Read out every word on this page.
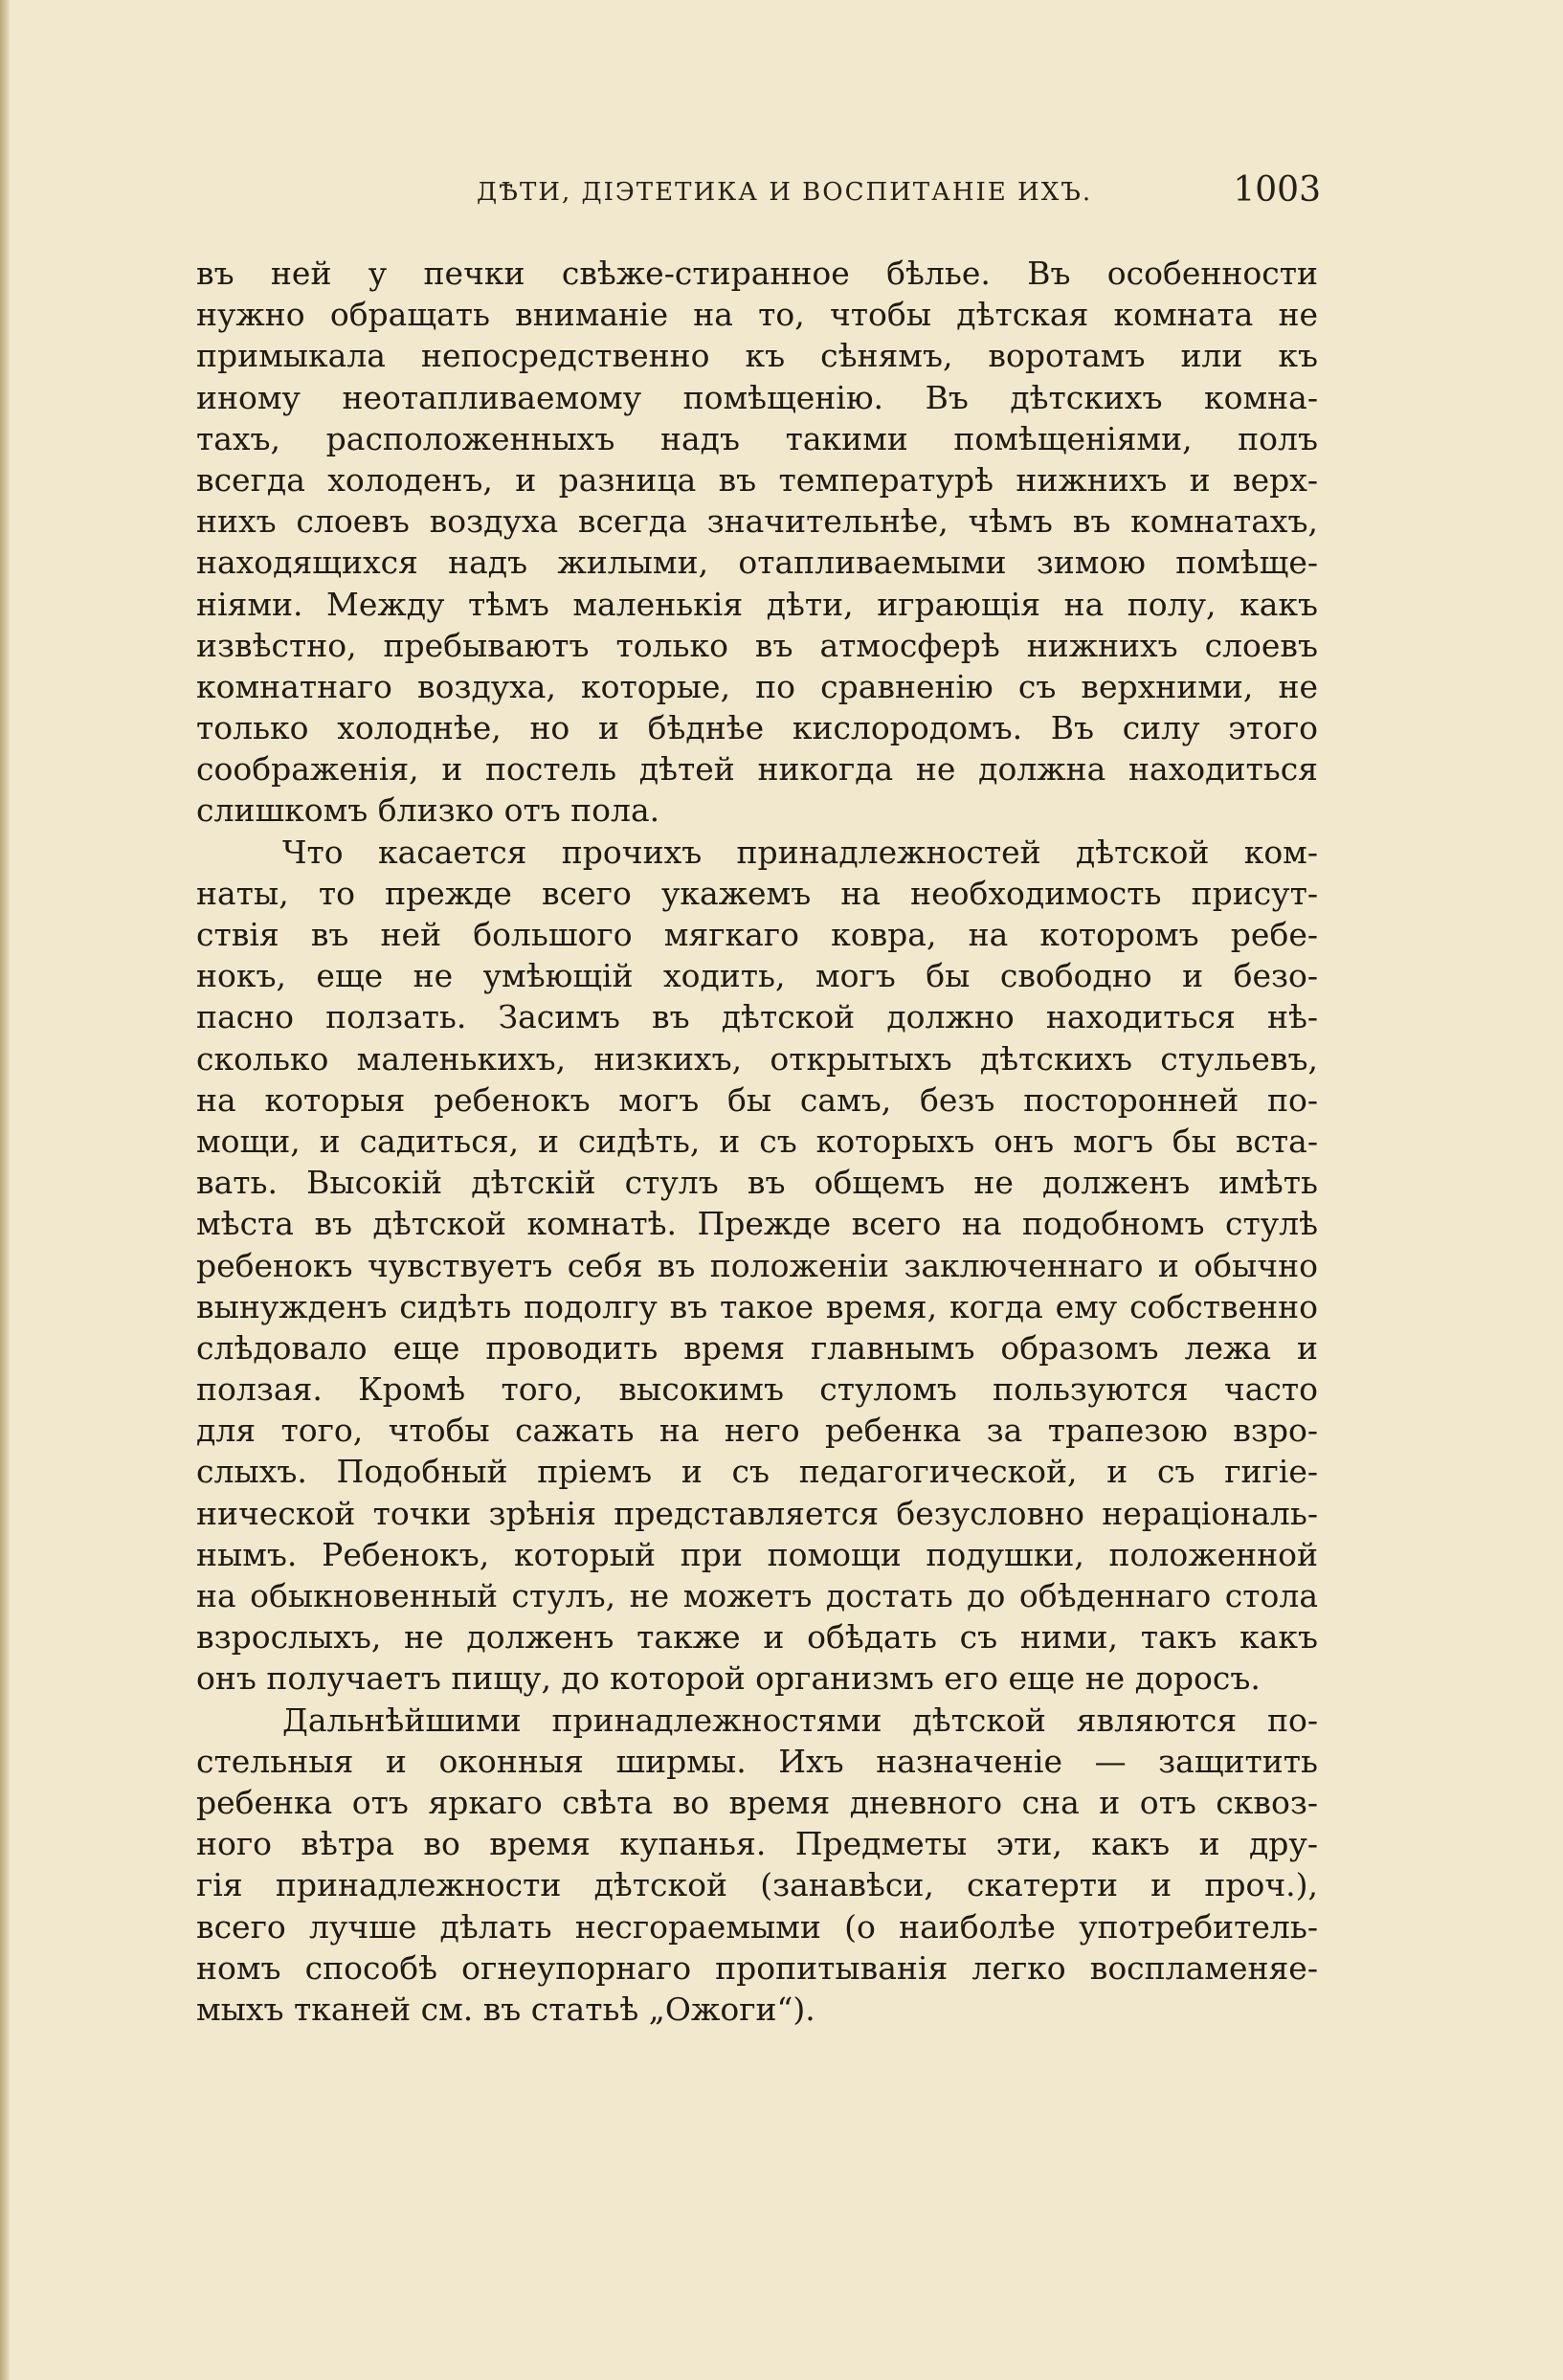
ДѢТИ, ДІЭТЕТИКА И ВОСПИТАНІЕ ИХЪ.	1003
въ ней у печки свѣже-стиранное бѣлье. Въ особенности
нужно обращать вниманіе на то, чтобы дѣтская комната не
примыкала непосредственно къ сѣнямъ, воротамъ или къ
иному неотапливаемому помѣщенію. Въ дѣтскихъ комна-
тахъ, расположенныхъ надъ такими помѣщеніями, полъ
всегда холоденъ, и разница въ температурѣ нижнихъ и верх-
нихъ слоевъ воздуха всегда значительнѣе, чѣмъ въ комнатахъ,
находящихся надъ жилыми, отапливаемыми зимою помѣще-
ніями. Между тѣмъ маленькія дѣти, играющія на полу, какъ
извѣстно, пребываютъ только въ атмосферѣ нижнихъ слоевъ
комнатнаго воздуха, которые, по сравненію съ верхними, не
только холоднѣе, но и бѣднѣе кислородомъ. Въ силу этого
соображенія, и постель дѣтей никогда не должна находиться
слишкомъ близко отъ пола.
Что касается прочихъ принадлежностей дѣтской ком-
наты, то прежде всего укажемъ на необходимость присут-
ствія въ ней большого мягкаго ковра, на которомъ ребе-
нокъ, еще не умѣющій ходить, могъ бы свободно и безо-
пасно ползать. Засимъ въ дѣтской должно находиться нѣ-
сколько маленькихъ, низкихъ, открытыхъ дѣтскихъ стульевъ,
на которыя ребенокъ могъ бы самъ, безъ посторонней по-
мощи, и садиться, и сидѣть, и съ которыхъ онъ могъ бы вста-
вать. Высокій дѣтскій стулъ въ общемъ не долженъ имѣть
мѣста въ дѣтской комнатѣ. Прежде всего на подобномъ стулѣ
ребенокъ чувствуетъ себя въ положеніи заключеннаго и обычно
вынужденъ сидѣть подолгу въ такое время, когда ему собственно
слѣдовало еще проводить время главнымъ образомъ лежа и
ползая. Кромѣ того, высокимъ стуломъ пользуются часто
для того, чтобы сажать на него ребенка за трапезою взро-
слыхъ. Подобный пріемъ и съ педагогической, и съ гигіе-
нической точки зрѣнія представляется безусловно нераціональ-
нымъ. Ребенокъ, который при помощи подушки, положенной
на обыкновенный стулъ, не можетъ достать до обѣденнаго стола
взрослыхъ, не долженъ также и обѣдать съ ними, такъ какъ
онъ получаетъ пищу, до которой организмъ его еще не доросъ.
Дальнѣйшими принадлежностями дѣтской являются по-
стельныя и оконныя ширмы. Ихъ назначеніе — защитить
ребенка отъ яркаго свѣта во время дневного сна и отъ сквоз-
ного вѣтра во время купанья. Предметы эти, какъ и дру-
гія принадлежности дѣтской (занавѣси, скатерти и проч.),
всего лучше дѣлать несгораемыми (о наиболѣе употребитель-
номъ способѣ огнеупорнаго пропитыванія легко воспламеняе-
мыхъ тканей см. въ статьѣ „Ожоги“).
